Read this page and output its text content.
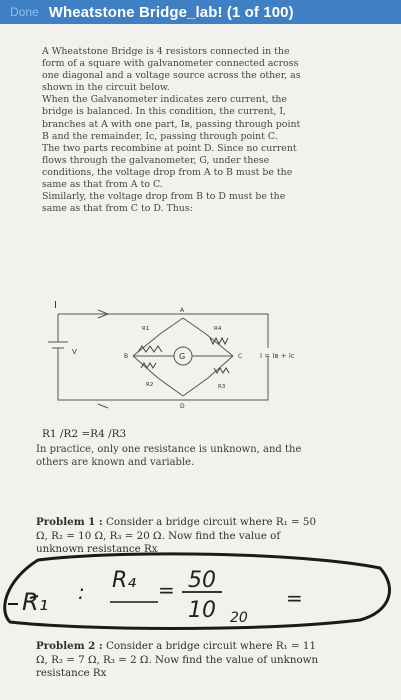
Done Wheatstone Bridge_lab! (1 of 100)
A Wheatstone Bridge is 4 resistors connected in the
form of a square with galvanometer connected across
one diagonal and a voltage source across the other, as
shown in the circuit below.
When the Galvanometer indicates zero current, the
bridge is balanced. In this condition, the current, I,
branches at A with one part, Iʙ, passing through point
B and the remainder, Iᴄ, passing through point C.
The two parts recombine at point D. Since no current
flows through the galvanometer, G, under these
conditions, the voltage drop from A to B must be the
same as that from A to C.
Similarly, the voltage drop from B to D must be the
same as that from C to D. Thus:
I
V
A
B	C
D
R1	R4
R2	R3
G	I = Iʙ + Iᴄ
R1 /R2 =R4 /R3
In practice, only one resistance is unknown, and the
others are known and variable.
Problem 1 : Consider a bridge circuit where R₁ = 50
Ω, R₂ = 10 Ω, R₃ = 20 Ω. Now find the value of
unknown resistance Rx
R₁ : R₄ = 50
10 20
=
Problem 2 : Consider a bridge circuit where R₁ = 11
Ω, R₂ = 7 Ω, R₃ = 2 Ω. Now find the value of unknown
resistance Rx
